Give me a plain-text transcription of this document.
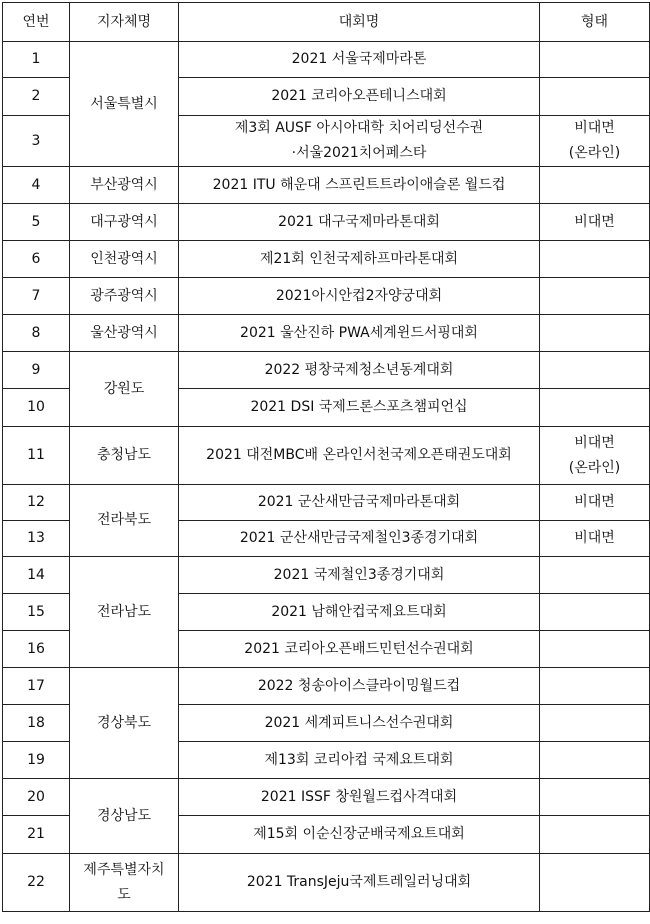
연번	지자체명	대회명	형태
1	서울특별시	2021 서울국제마라톤	
2		2021 코리아오픈테니스대회	
3		제3회 AUSF 아시아대학 치어리딩선수권
·서울2021치어페스타	비대면
(온라인)
4	부산광역시	2021 ITU 해운대 스프린트트라이애슬론 월드컵	
5	대구광역시	2021 대구국제마라톤대회	비대면
6	인천광역시	제21회 인천국제하프마라톤대회	
7	광주광역시	2021아시안컵2자양궁대회	
8	울산광역시	2021 울산진하 PWA세계윈드서핑대회	
9	강원도	2022 평창국제청소년동계대회	
10		2021 DSI 국제드론스포츠챔피언십	
11	충청남도	2021 대전MBC배 온라인서천국제오픈태권도대회	비대면
(온라인)
12	전라북도	2021 군산새만금국제마라톤대회	비대면
13		2021 군산새만금국제철인3종경기대회	비대면
14	전라남도	2021 국제철인3종경기대회	
15		2021 남해안컵국제요트대회	
16		2021 코리아오픈배드민턴선수권대회	
17	경상북도	2022 청송아이스클라이밍월드컵	
18		2021 세계피트니스선수권대회	
19		제13회 코리아컵 국제요트대회	
20	경상남도	2021 ISSF 창원월드컵사격대회	
21		제15회 이순신장군배국제요트대회	
22	제주특별자치
도	2021 TransJeju국제트레일러닝대회	
